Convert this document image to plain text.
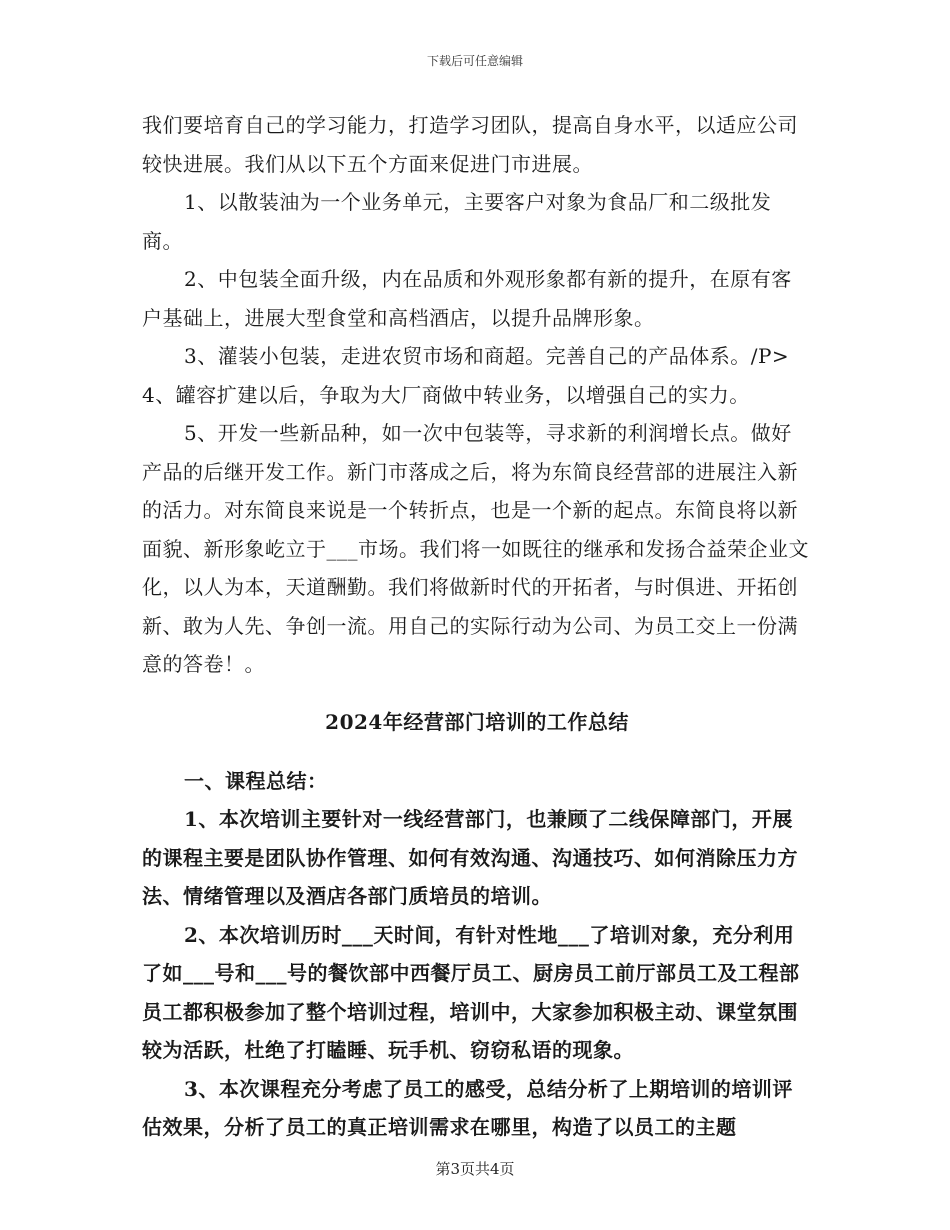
下载后可任意编辑

我们要培育自己的学习能力，打造学习团队，提高自身水平，以适应公司较快进展。我们从以下五个方面来促进门市进展。

1、以散装油为一个业务单元，主要客户对象为食品厂和二级批发商。

2、中包装全面升级，内在品质和外观形象都有新的提升，在原有客户基础上，进展大型食堂和高档酒店，以提升品牌形象。

3、灌装小包装，走进农贸市场和商超。完善自己的产品体系。/P>4、罐容扩建以后，争取为大厂商做中转业务，以增强自己的实力。

5、开发一些新品种，如一次中包装等，寻求新的利润增长点。做好产品的后继开发工作。新门市落成之后，将为东简良经营部的进展注入新的活力。对东简良来说是一个转折点，也是一个新的起点。东简良将以新面貌、新形象屹立于___市场。我们将一如既往的继承和发扬合益荣企业文化，以人为本，天道酬勤。我们将做新时代的开拓者，与时俱进、开拓创新、敢为人先、争创一流。用自己的实际行动为公司、为员工交上一份满意的答卷！。

2024年经营部门培训的工作总结

一、课程总结：

1、本次培训主要针对一线经营部门，也兼顾了二线保障部门，开展的课程主要是团队协作管理、如何有效沟通、沟通技巧、如何消除压力方法、情绪管理以及酒店各部门质培员的培训。

2、本次培训历时___天时间，有针对性地___了培训对象，充分利用了如___号和___号的餐饮部中西餐厅员工、厨房员工前厅部员工及工程部员工都积极参加了整个培训过程，培训中，大家参加积极主动、课堂氛围较为活跃，杜绝了打瞌睡、玩手机、窃窃私语的现象。

3、本次课程充分考虑了员工的感受，总结分析了上期培训的培训评估效果，分析了员工的真正培训需求在哪里，构造了以员工的主题

第3页共4页
